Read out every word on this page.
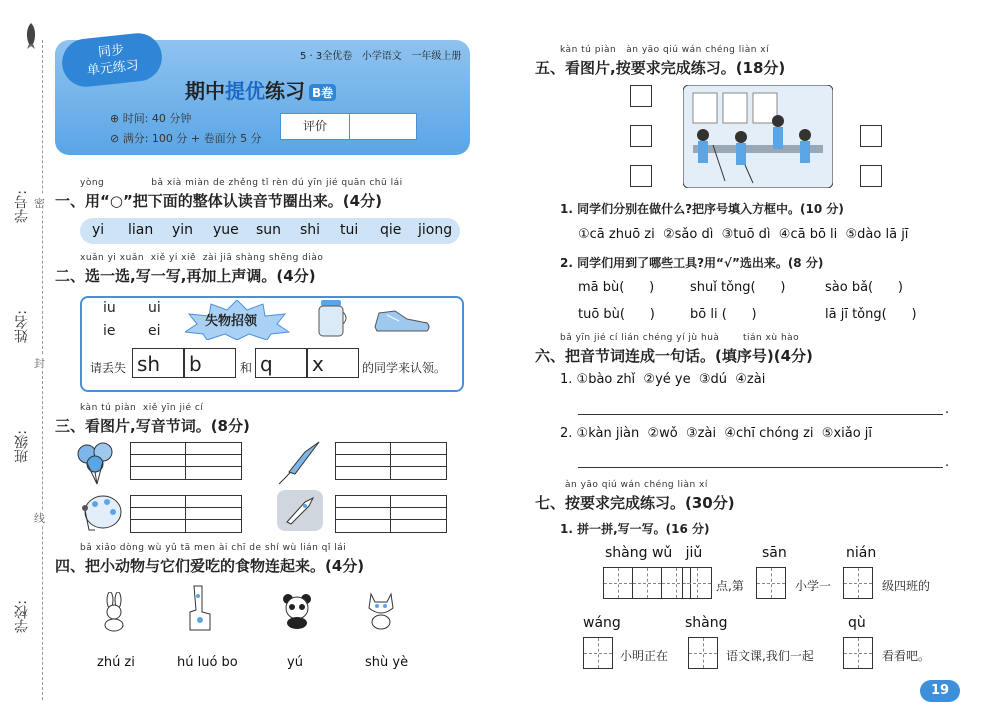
学号:
姓名:
班级:
学校:
密
封
线
同步
单元练习
5 · 3全优卷   小学语文   一年级上册
期中提优练习 B卷
⊕ 时间: 40 分钟
⊘ 满分: 100 分 + 卷面分 5 分
评价
yòng              bǎ xià miàn de zhěng tǐ rèn dú yīn jié quān chū lái
一、用“○”把下面的整体认读音节圈出来。(4分)
yi lian yin yue sun shi tui qie jiong
xuǎn yi xuǎn  xiě yi xiě  zài jiā shàng shēng diào
二、选一选,写一写,再加上声调。(4分)
iu ui
ie ei
失物招领
请丢失 sh	b	和 q	x	的同学来认领。
kàn tú piàn  xiě yīn jié cí
三、看图片,写音节词。(8分)
bǎ xiǎo dòng wù yǔ tā men ài chī de shí wù lián qǐ lái
四、把小动物与它们爱吃的食物连起来。(4分)
zhú zi	hú luó bo	yú	shù yè
kàn tú piàn   àn yāo qiú wán chéng liàn xí
五、看图片,按要求完成练习。(18分)
1. 同学们分别在做什么?把序号填入方框中。(10 分)
①cā zhuō zi  ②sǎo dì  ③tuō dì  ④cā bō li  ⑤dào lā jī
2. 同学们用到了哪些工具?用“√”选出来。(8 分)
mā bù(      )	shuǐ tǒng(      )	sào bǎ(      )
tuō bù(      )	bō li (      )	lā jī tǒng(      )
bǎ yīn jié cí lián chéng yí jù huà       tián xù hào
六、把音节词连成一句话。(填序号)(4分)
1. ①bào zhǐ  ②yé ye  ③dú  ④zài
.
2. ①kàn jiàn  ②wǒ  ③zài  ④chī chóng zi  ⑤xiǎo jī
.
àn yāo qiú wán chéng liàn xí
七、按要求完成练习。(30分)
1. 拼一拼,写一写。(16 分)
shàng wǔ   jiǔ	sān	nián
点,第	小学一	级四班的
wáng	shàng	qù
小明正在	语文课,我们一起	看看吧。
19
